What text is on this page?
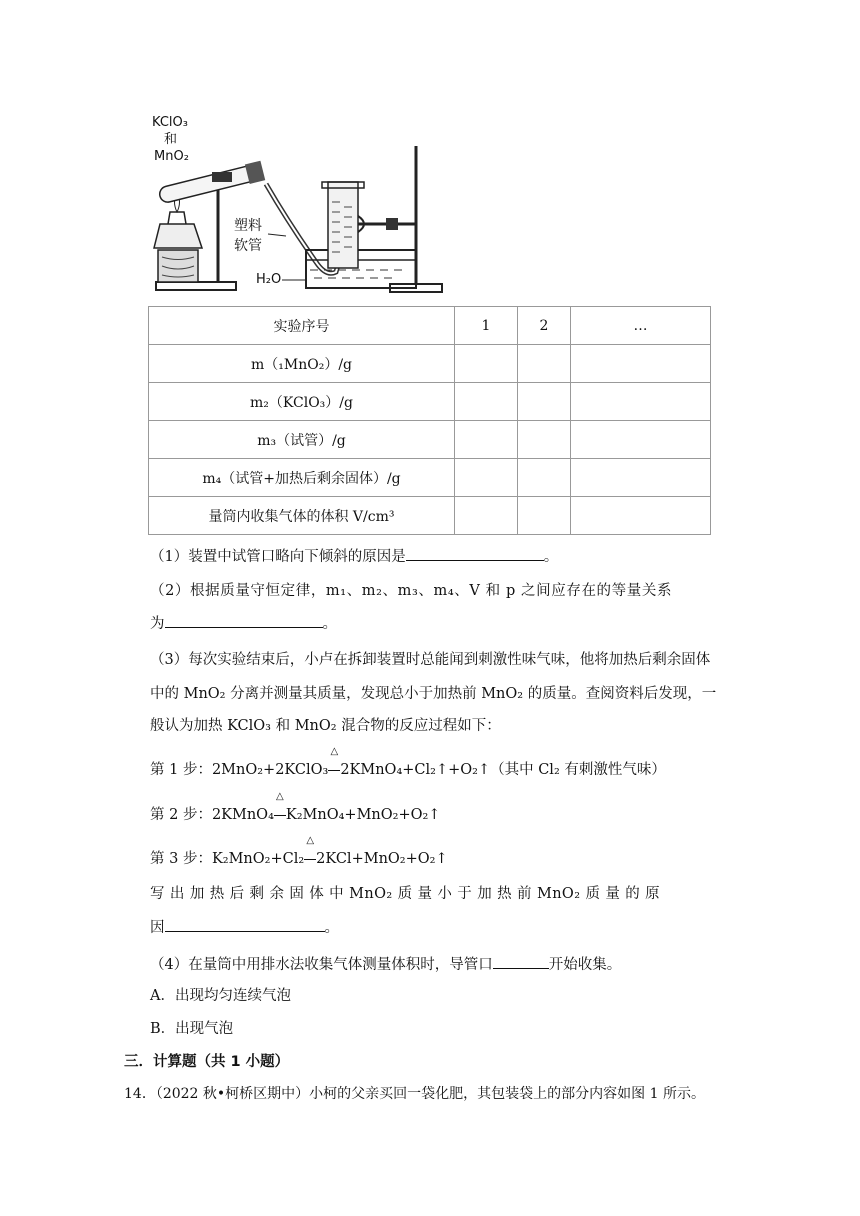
KClO₃
和
MnO₂
塑料
软管
H₂O
实验序号	1	2	…
m（₁MnO₂）/g			
m₂（KClO₃）/g			
m₃（试管）/g			
m₄（试管+加热后剩余固体）/g			
量筒内收集气体的体积 V/cm³			
（1）装置中试管口略向下倾斜的原因是	。
（2）根据质量守恒定律，m₁、m₂、m₃、m₄、V 和 p 之间应存在的等量关系
为	。
（3）每次实验结束后，小卢在拆卸装置时总能闻到刺激性味气味，他将加热后剩余固体
中的 MnO₂ 分离并测量其质量，发现总小于加热前 MnO₂ 的质量。查阅资料后发现，一
般认为加热 KClO₃ 和 MnO₂ 混合物的反应过程如下：
第 1 步：2MnO₂+2KClO₃
△
2KMnO₄+Cl₂↑+O₂↑（其中 Cl₂ 有刺激性气味）
第 2 步：2KMnO₄
△
K₂MnO₄+MnO₂+O₂↑
第 3 步：K₂MnO₂+Cl₂
△
2KCl+MnO₂+O₂↑
写 出 加 热 后 剩 余 固 体 中 MnO₂ 质 量 小 于 加 热 前 MnO₂ 质 量 的 原
因	。
（4）在量筒中用排水法收集气体测量体积时，导管口	开始收集。
A．出现均匀连续气泡
B．出现气泡
三．计算题（共 1 小题）
14．（2022 秋•柯桥区期中）小柯的父亲买回一袋化肥，其包装袋上的部分内容如图 1 所示。
